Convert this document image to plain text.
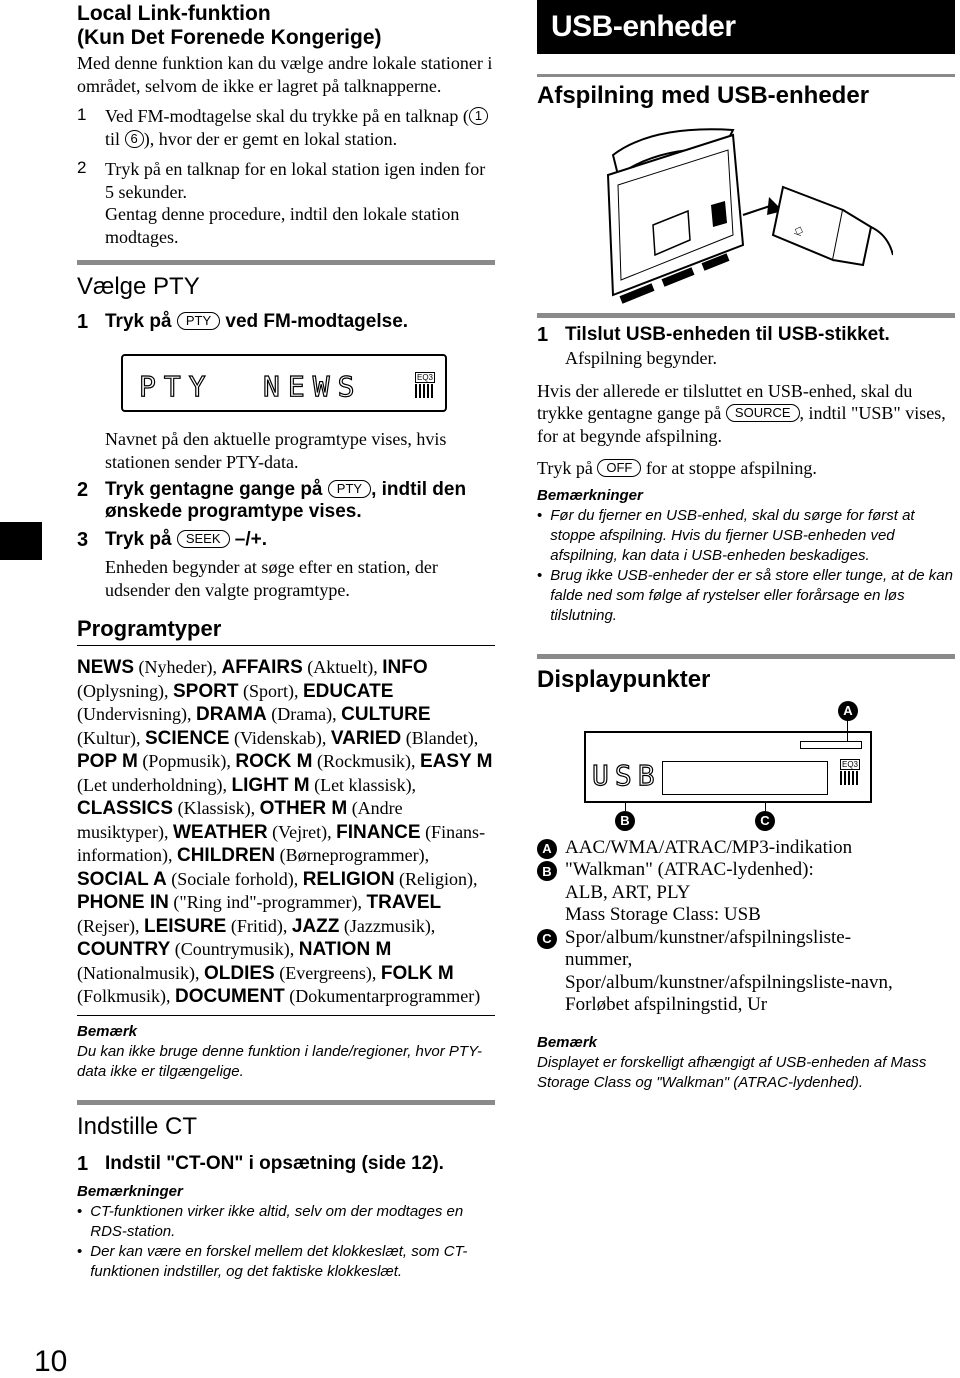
10
Local Link-funktion
(Kun Det Forenede Kongerige)
Med denne funktion kan du vælge andre lokale stationer i området, selvom de ikke er lagret på talknapperne.
1	Ved FM-modtagelse skal du trykke på en talknap ( 1 til 6 ), hvor der er gemt en lokal station.
2	Tryk på en talknap for en lokal station igen inden for 5 sekunder.
Gentag denne procedure, indtil den lokale station modtages.
Vælge PTY
1 Tryk på PTY ved FM-modtagelse.
PTY NEWS	EQ3
Navnet på den aktuelle programtype vises, hvis stationen sender PTY-data.
2 Tryk gentagne gange på PTY , indtil den ønskede programtype vises.
3 Tryk på SEEK –/+.
Enheden begynder at søge efter en station, der udsender den valgte programtype.
Programtyper
NEWS (Nyheder), AFFAIRS (Aktuelt), INFO (Oplysning), SPORT (Sport), EDUCATE (Undervisning), DRAMA (Drama), CULTURE (Kultur), SCIENCE (Videnskab), VARIED (Blandet), POP M (Popmusik), ROCK M (Rockmusik), EASY M (Let underholdning), LIGHT M (Let klassisk), CLASSICS (Klassisk), OTHER M (Andre musiktyper), WEATHER (Vejret), FINANCE (Finans-information), CHILDREN (Børneprogrammer), SOCIAL A (Sociale forhold), RELIGION (Religion), PHONE IN ("Ring ind"-programmer), TRAVEL (Rejser), LEISURE (Fritid), JAZZ (Jazzmusik), COUNTRY (Countrymusik), NATION M (Nationalmusik), OLDIES (Evergreens), FOLK M (Folkmusik), DOCUMENT (Dokumentarprogrammer)
Bemærk
Du kan ikke bruge denne funktion i lande/regioner, hvor PTY-data ikke er tilgængelige.
Indstille CT
1 Indstil "CT-ON" i opsætning (side 12).
Bemærkninger
• CT-funktionen virker ikke altid, selv om der modtages en RDS-station.
• Der kan være en forskel mellem det klokkeslæt, som CT-funktionen indstiller, og det faktiske klokkeslæt.
USB-enheder
Afspilning med USB-enheder
⎐
1 Tilslut USB-enheden til USB-stikket.
Afspilning begynder.
Hvis der allerede er tilsluttet en USB-enhed, skal du trykke gentagne gange på SOURCE , indtil "USB" vises, for at begynde afspilning.
Tryk på OFF for at stoppe afspilning.
Bemærkninger
• Før du fjerner en USB-enhed, skal du sørge for først at stoppe afspilning. Hvis du fjerner USB-enheden ved afspilning, kan data i USB-enheden beskadiges.
• Brug ikke USB-enheder der er så store eller tunge, at de kan falde ned som følge af rystelser eller forårsage en løs tilslutning.
Displaypunkter
A
USB	EQ3
B	C
A AAC/WMA/ATRAC/MP3-indikation
B "Walkman" (ATRAC-lydenhed):
ALB, ART, PLY
Mass Storage Class: USB
C Spor/album/kunstner/afspilningsliste-nummer, Spor/album/kunstner/afspilningsliste-navn, Forløbet afspilningstid, Ur
Bemærk
Displayet er forskelligt afhængigt af USB-enheden af Mass Storage Class og "Walkman" (ATRAC-lydenhed).
